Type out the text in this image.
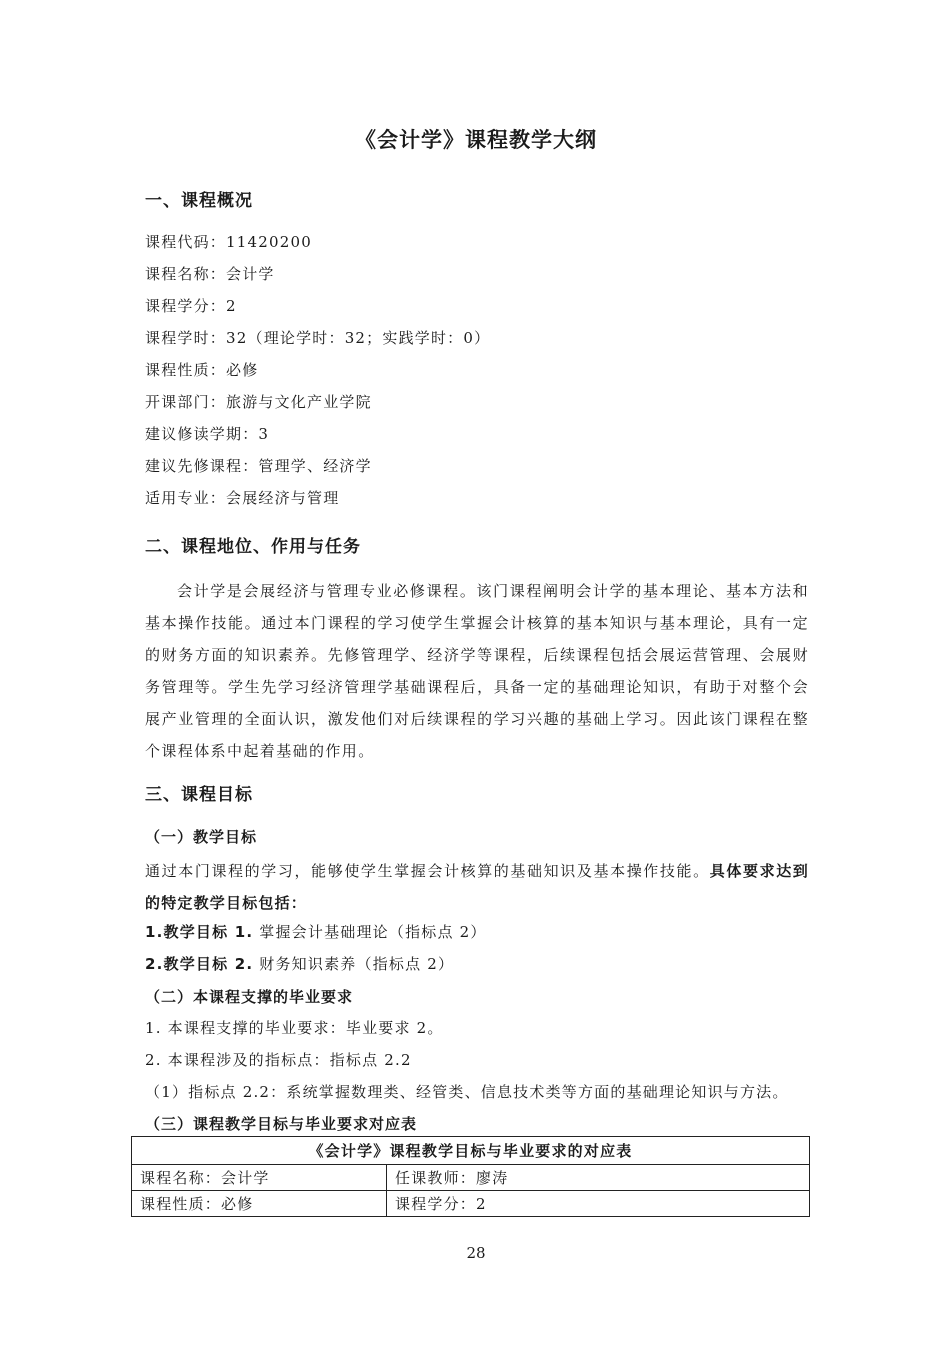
《会计学》课程教学大纲
一、课程概况
课程代码：11420200
课程名称：会计学
课程学分：2
课程学时：32（理论学时：32；实践学时：0）
课程性质：必修
开课部门：旅游与文化产业学院
建议修读学期：3
建议先修课程：管理学、经济学
适用专业：会展经济与管理
二、课程地位、作用与任务
会计学是会展经济与管理专业必修课程。该门课程阐明会计学的基本理论、基本方法和基本操作技能。通过本门课程的学习使学生掌握会计核算的基本知识与基本理论，具有一定的财务方面的知识素养。先修管理学、经济学等课程，后续课程包括会展运营管理、会展财务管理等。学生先学习经济管理学基础课程后，具备一定的基础理论知识，有助于对整个会展产业管理的全面认识，激发他们对后续课程的学习兴趣的基础上学习。因此该门课程在整个课程体系中起着基础的作用。
三、课程目标
（一）教学目标
通过本门课程的学习，能够使学生掌握会计核算的基础知识及基本操作技能。具体要求达到的特定教学目标包括：
1.教学目标 1. 掌握会计基础理论（指标点 2）
2.教学目标 2. 财务知识素养（指标点 2）
（二）本课程支撑的毕业要求
1. 本课程支撑的毕业要求：毕业要求 2。
2. 本课程涉及的指标点：指标点 2.2
（1）指标点 2.2：系统掌握数理类、经管类、信息技术类等方面的基础理论知识与方法。
（三）课程教学目标与毕业要求对应表
《会计学》课程教学目标与毕业要求的对应表	
课程名称：会计学	任课教师：廖涛
课程性质：必修	课程学分：2
28
